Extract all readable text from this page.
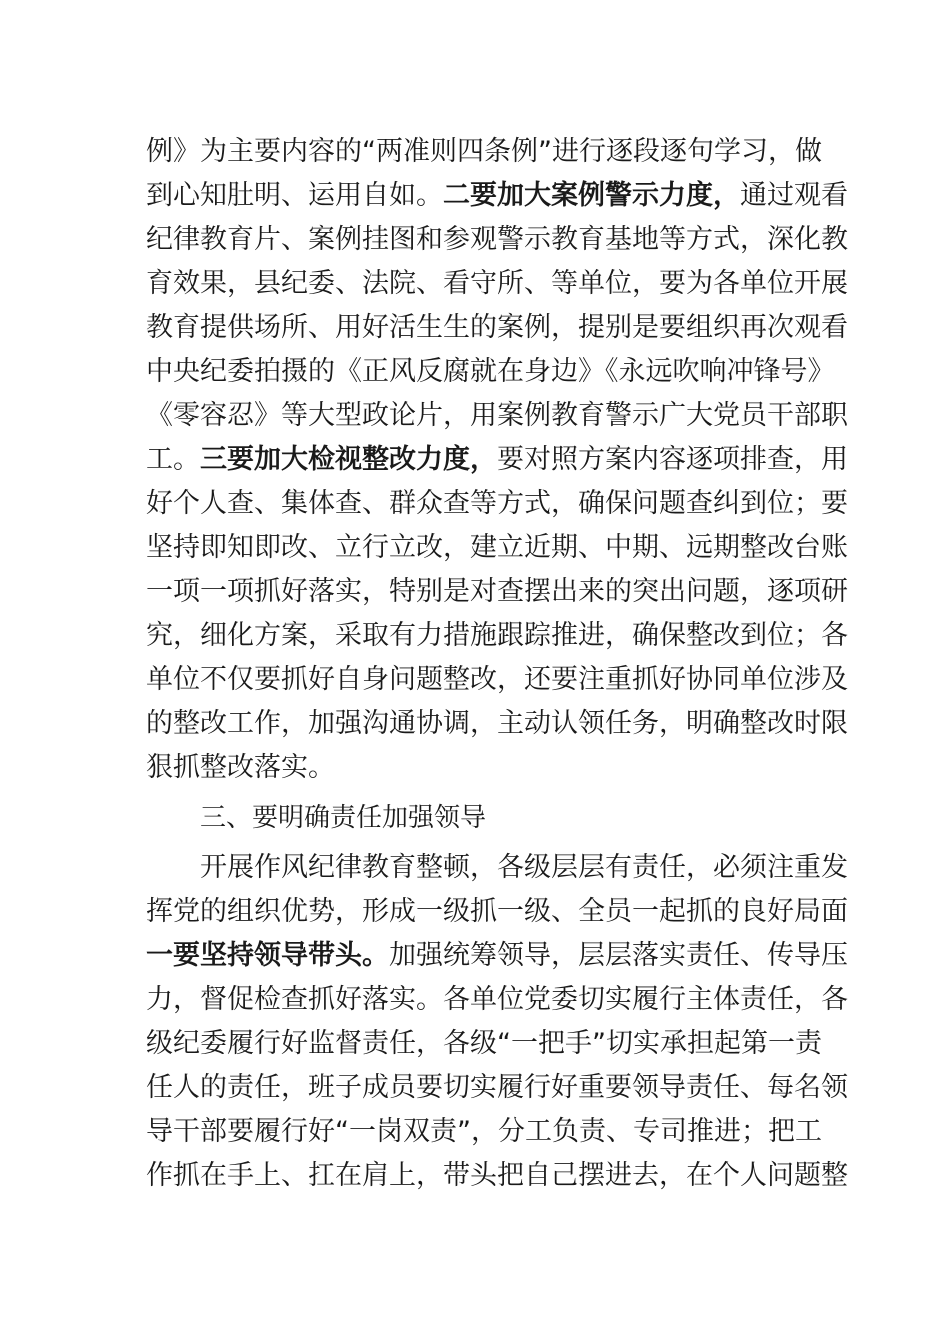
例》为主要内容的“两准则四条例”进行逐段逐句学习，做
到心知肚明、运用自如。二要加大案例警示力度，通过观看
纪律教育片、案例挂图和参观警示教育基地等方式，深化教
育效果，县纪委、法院、看守所、等单位，要为各单位开展
教育提供场所、用好活生生的案例，提别是要组织再次观看
中央纪委拍摄的《正风反腐就在身边》《永远吹响冲锋号》
《零容忍》等大型政论片，用案例教育警示广大党员干部职
工。三要加大检视整改力度，要对照方案内容逐项排查，用
好个人查、集体查、群众查等方式，确保问题查纠到位；要
坚持即知即改、立行立改，建立近期、中期、远期整改台账
一项一项抓好落实，特别是对查摆出来的突出问题，逐项研
究，细化方案，采取有力措施跟踪推进，确保整改到位；各
单位不仅要抓好自身问题整改，还要注重抓好协同单位涉及
的整改工作，加强沟通协调，主动认领任务，明确整改时限
狠抓整改落实。
三、要明确责任加强领导
开展作风纪律教育整顿，各级层层有责任，必须注重发
挥党的组织优势，形成一级抓一级、全员一起抓的良好局面
一要坚持领导带头。加强统筹领导，层层落实责任、传导压
力，督促检查抓好落实。各单位党委切实履行主体责任，各
级纪委履行好监督责任，各级“一把手”切实承担起第一责
任人的责任，班子成员要切实履行好重要领导责任、每名领
导干部要履行好“一岗双责”，分工负责、专司推进；把工
作抓在手上、扛在肩上，带头把自己摆进去，在个人问题整
